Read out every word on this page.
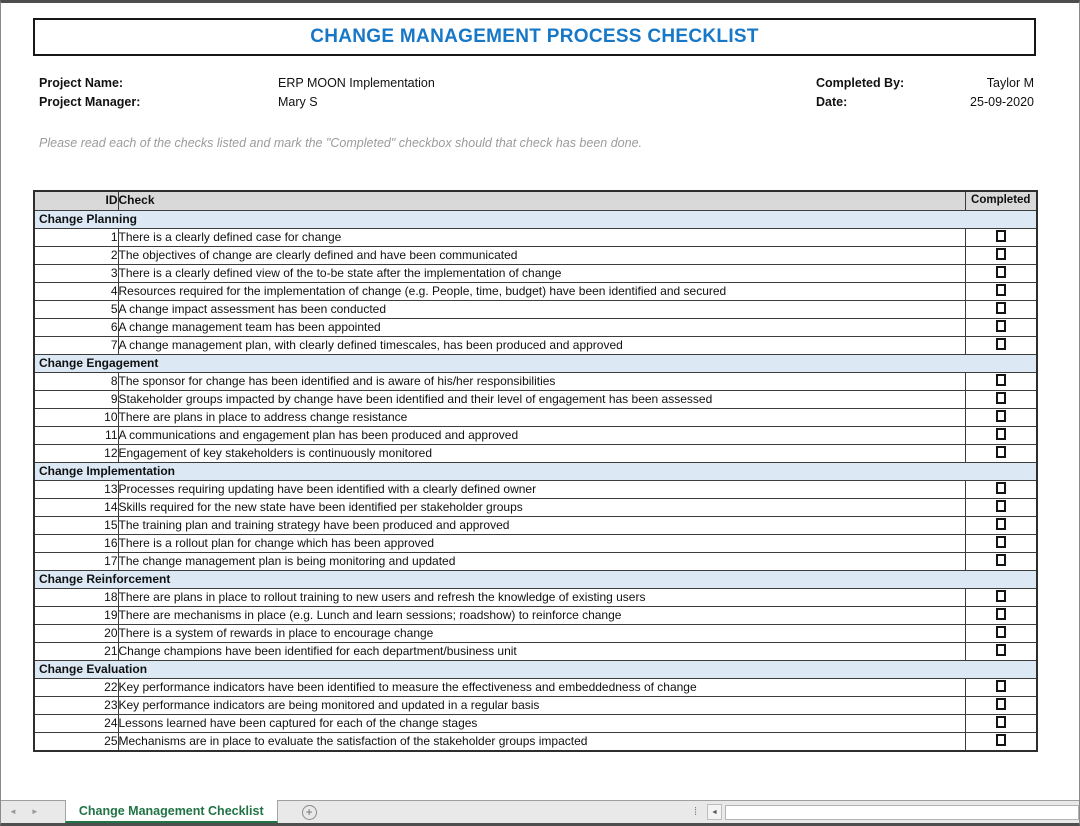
CHANGE MANAGEMENT PROCESS CHECKLIST
Project Name:	ERP MOON Implementation	Completed By:	Taylor M
Project Manager:	Mary S	Date:	25-09-2020
Please read each of the checks listed and mark the "Completed" checkbox should that check has been done.
ID	Check	Completed
Change Planning		
1	There is a clearly defined case for change	
2	The objectives of change are clearly defined and have been communicated	
3	There is a clearly defined view of the to-be state after the implementation of change	
4	Resources required for the implementation of change (e.g. People, time, budget) have been identified and secured	
5	A change impact assessment has been conducted	
6	A change management team has been appointed	
7	A change management plan, with clearly defined timescales, has been produced and approved	
Change Engagement		
8	The sponsor for change has been identified and is aware of his/her responsibilities	
9	Stakeholder groups impacted by change have been identified and their level of engagement has been assessed	
10	There are plans in place to address change resistance	
11	A communications and engagement plan has been produced and approved	
12	Engagement of key stakeholders is continuously monitored	
Change Implementation		
13	Processes requiring updating have been identified with a clearly defined owner	
14	Skills required for the new state have been identified per stakeholder groups	
15	The training plan and training strategy have been produced and approved	
16	There is a rollout plan for change which has been approved	
17	The change management plan is being monitoring and updated	
Change Reinforcement		
18	There are plans in place to rollout training to new users and refresh the knowledge of existing users	
19	There are mechanisms in place (e.g. Lunch and learn sessions; roadshow) to reinforce change	
20	There is a system of rewards in place to encourage change	
21	Change champions have been identified for each department/business unit	
Change Evaluation		
22	Key performance indicators have been identified to measure the effectiveness and embeddedness of change	
23	Key performance indicators are being monitored and updated in a regular basis	
24	Lessons learned have been captured for each of the change stages	
25	Mechanisms are in place to evaluate the satisfaction of the stakeholder groups impacted	
◄ ►	Change Management Checklist	+	⁞	◄
